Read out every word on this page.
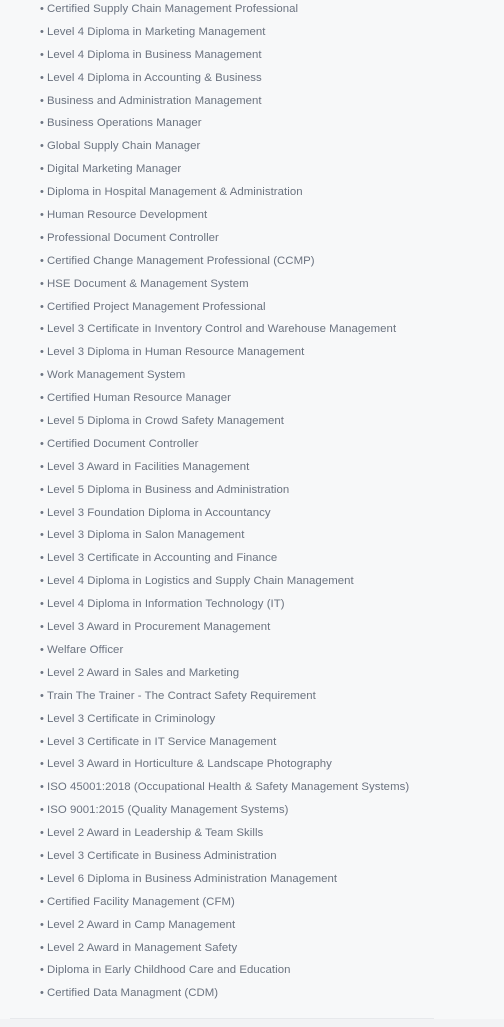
• Certified Supply Chain Management Professional
• Level 4 Diploma in Marketing Management
• Level 4 Diploma in Business Management
• Level 4 Diploma in Accounting & Business
• Business and Administration Management
• Business Operations Manager
• Global Supply Chain Manager
• Digital Marketing Manager
• Diploma in Hospital Management & Administration
• Human Resource Development
• Professional Document Controller
• Certified Change Management Professional (CCMP)
• HSE Document & Management System
• Certified Project Management Professional
• Level 3 Certificate in Inventory Control and Warehouse Management
• Level 3 Diploma in Human Resource Management
• Work Management System
• Certified Human Resource Manager
• Level 5 Diploma in Crowd Safety Management
• Certified Document Controller
• Level 3 Award in Facilities Management
• Level 5 Diploma in Business and Administration
• Level 3 Foundation Diploma in Accountancy
• Level 3 Diploma in Salon Management
• Level 3 Certificate in Accounting and Finance
• Level 4 Diploma in Logistics and Supply Chain Management
• Level 4 Diploma in Information Technology (IT)
• Level 3 Award in Procurement Management
• Welfare Officer
• Level 2 Award in Sales and Marketing
• Train The Trainer - The Contract Safety Requirement
• Level 3 Certificate in Criminology
• Level 3 Certificate in IT Service Management
• Level 3 Award in Horticulture & Landscape Photography
• ISO 45001:2018 (Occupational Health & Safety Management Systems)
• ISO 9001:2015 (Quality Management Systems)
• Level 2 Award in Leadership & Team Skills
• Level 3 Certificate in Business Administration
• Level 6 Diploma in Business Administration Management
• Certified Facility Management (CFM)
• Level 2 Award in Camp Management
• Level 2 Award in Management Safety
• Diploma in Early Childhood Care and Education
• Certified Data Managment (CDM)
